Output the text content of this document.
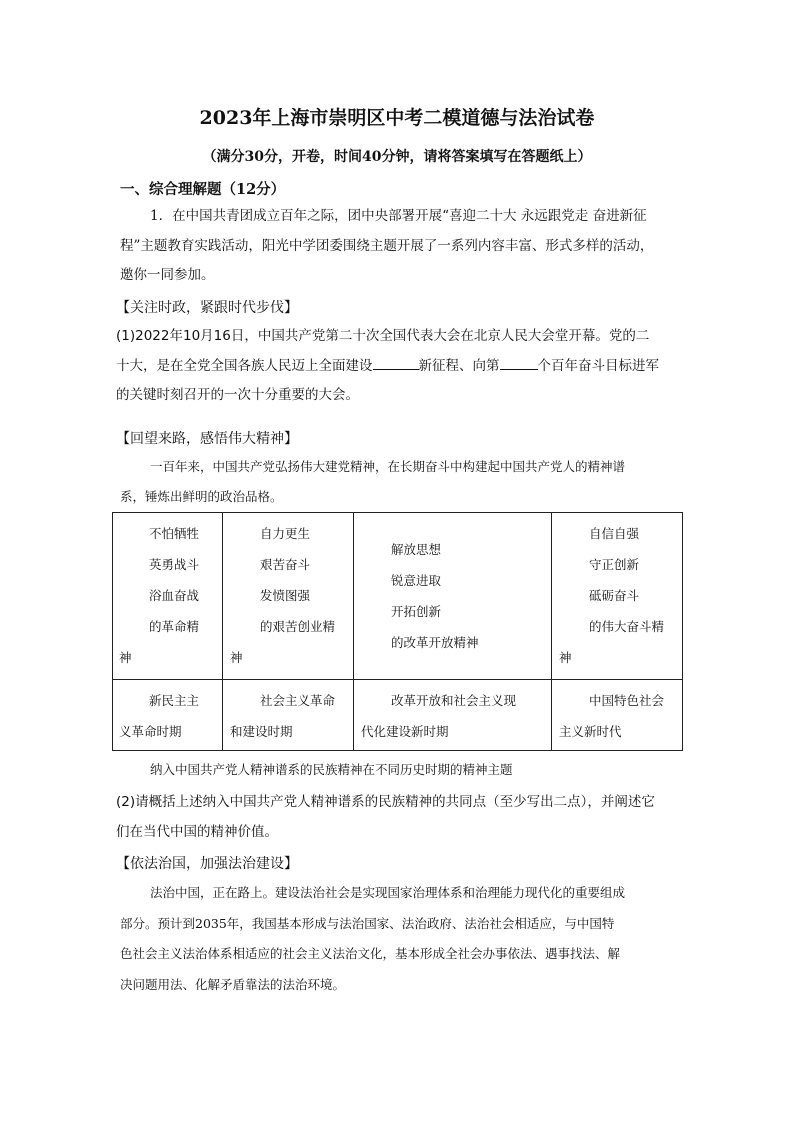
2023年上海市崇明区中考二模道德与法治试卷
（满分30分，开卷，时间40分钟，请将答案填写在答题纸上）
一、综合理解题（12分）

1．在中国共青团成立百年之际，团中央部署开展“喜迎二十大 永远跟党走 奋进新征

程”主题教育实践活动，阳光中学团委围绕主题开展了一系列内容丰富、形式多样的活动，

邀你一同参加。

【关注时政，紧跟时代步伐】

(1)2022年10月16日，中国共产党第二十次全国代表大会在北京人民大会堂开幕。党的二

十大，是在全党全国各族人民迈上全面建设	新征程、向第	个百年奋斗目标进军

的关键时刻召开的一次十分重要的大会。

【回望来路，感悟伟大精神】

一百年来，中国共产党弘扬伟大建党精神，在长期奋斗中构建起中国共产党人的精神谱

系，锤炼出鲜明的政治品格。

不怕牺牲
英勇战斗
浴血奋战
的革命精
神
自力更生
艰苦奋斗
发愤图强
的艰苦创业精
神
解放思想
锐意进取
开拓创新
的改革开放精神
自信自强
守正创新
砥砺奋斗
的伟大奋斗精
神
新民主主
义革命时期
社会主义革命
和建设时期
改革开放和社会主义现
代化建设新时期
中国特色社会
主义新时代
纳入中国共产党人精神谱系的民族精神在不同历史时期的精神主题

(2)请概括上述纳入中国共产党人精神谱系的民族精神的共同点（至少写出二点），并阐述它

们在当代中国的精神价值。

【依法治国，加强法治建设】

法治中国，正在路上。建设法治社会是实现国家治理体系和治理能力现代化的重要组成

部分。预计到2035年，我国基本形成与法治国家、法治政府、法治社会相适应，与中国特

色社会主义法治体系相适应的社会主义法治文化，基本形成全社会办事依法、遇事找法、解

决问题用法、化解矛盾靠法的法治环境。
